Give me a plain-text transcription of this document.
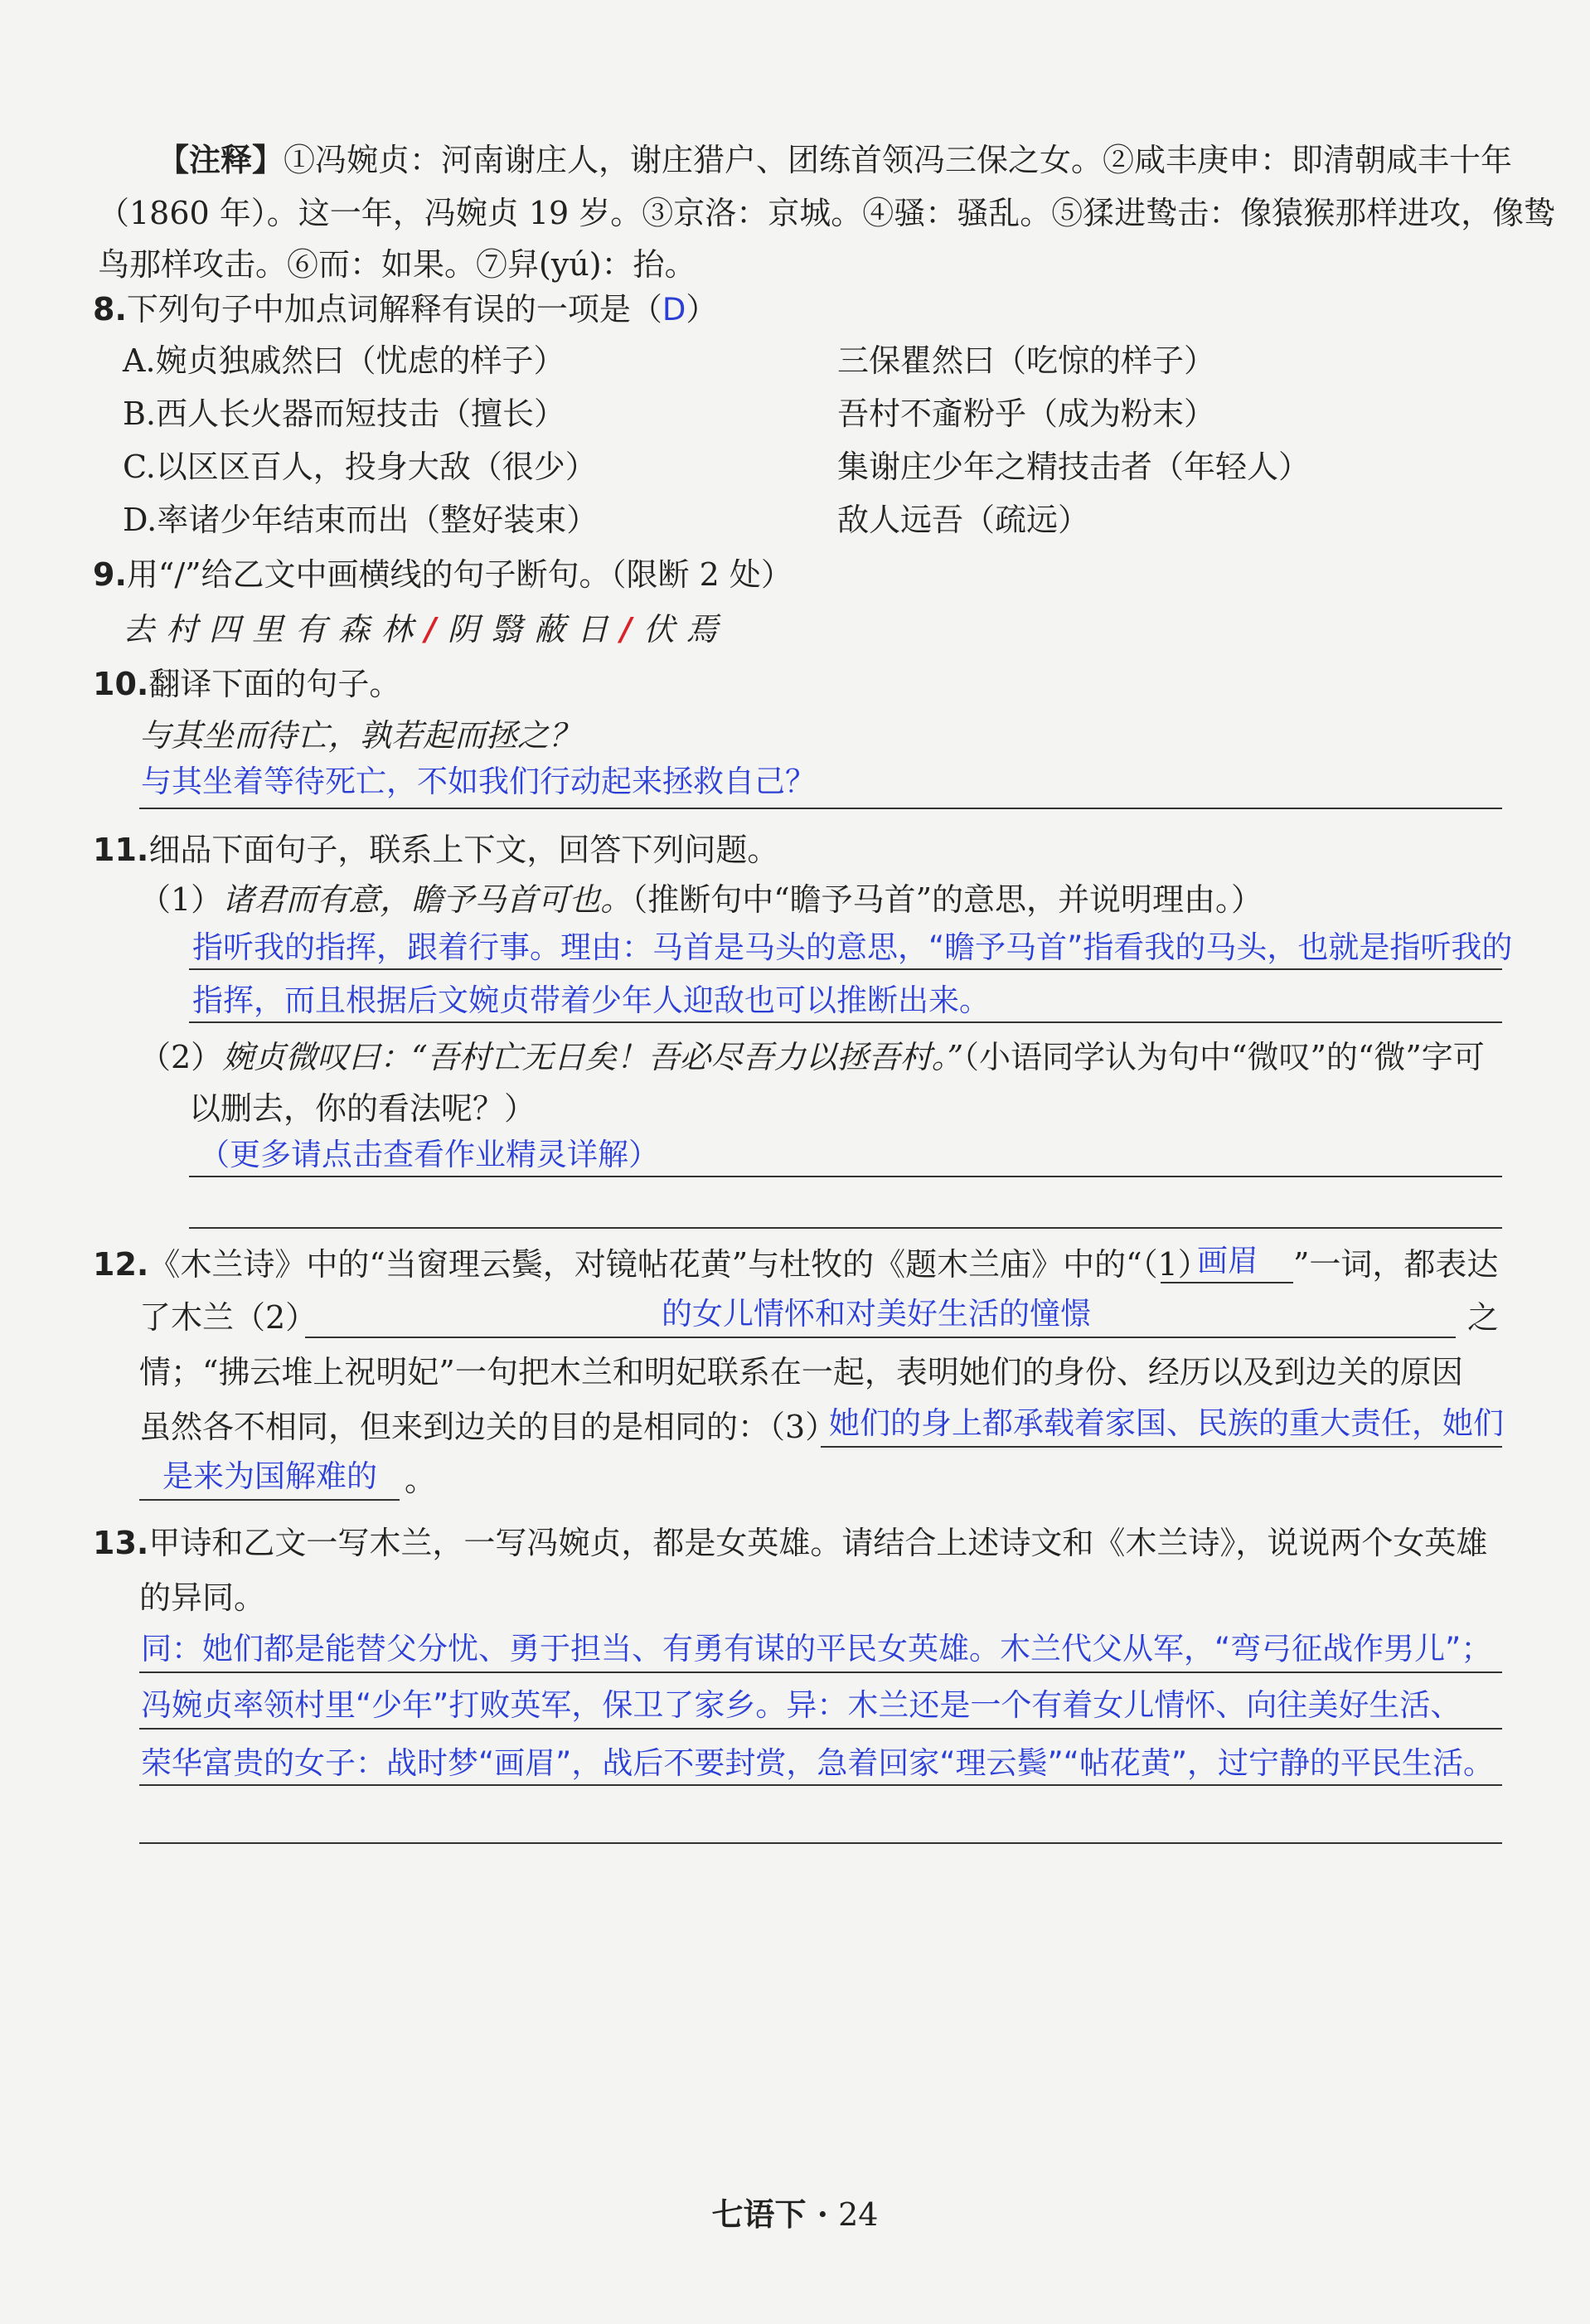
【注释】①冯婉贞：河南谢庄人，谢庄猎户、团练首领冯三保之女。②咸丰庚申：即清朝咸丰十年
（1860 年）。这一年，冯婉贞 19 岁。③京洛：京城。④骚：骚乱。⑤猱进鸷击：像猿猴那样进攻，像鸷
鸟那样攻击。⑥而：如果。⑦舁(yú)：抬。
8.下列句子中加点词解释有误的一项是（D）
A.婉贞独戚然曰（忧虑的样子）	三保瞿然曰（吃惊的样子）
B.西人长火器而短技击（擅长）	吾村不齑粉乎（成为粉末）
C.以区区百人，投身大敌（很少）	集谢庄少年之精技击者（年轻人）
D.率诸少年结束而出（整好装束）	敌人远吾（疏远）
9.用“/”给乙文中画横线的句子断句。（限断 2 处）
去村四里有森林/阴翳蔽日/伏焉
10.翻译下面的句子。
与其坐而待亡，孰若起而拯之？
与其坐着等待死亡，不如我们行动起来拯救自己？
11.细品下面句子，联系上下文，回答下列问题。
（1）诸君而有意，瞻予马首可也。（推断句中“瞻予马首”的意思，并说明理由。）
指听我的指挥，跟着行事。理由：马首是马头的意思，“瞻予马首”指看我的马头，也就是指听我的
指挥，而且根据后文婉贞带着少年人迎敌也可以推断出来。
（2）婉贞微叹曰：“吾村亡无日矣！吾必尽吾力以拯吾村。”（小语同学认为句中“微叹”的“微”字可
以删去，你的看法呢？）
（更多请点击查看作业精灵详解）
12.《木兰诗》中的“当窗理云鬓，对镜帖花黄”与杜牧的《题木兰庙》中的“（1）
画眉 ”一词，都表达
了木兰（2）	的女儿情怀和对美好生活的憧憬	之
情；“拂云堆上祝明妃”一句把木兰和明妃联系在一起，表明她们的身份、经历以及到边关的原因
虽然各不相同，但来到边关的目的是相同的：（3）
她们的身上都承载着家国、民族的重大责任，她们
是来为国解难的 。
13.甲诗和乙文一写木兰，一写冯婉贞，都是女英雄。请结合上述诗文和《木兰诗》，说说两个女英雄
的异同。
同：她们都是能替父分忧、勇于担当、有勇有谋的平民女英雄。木兰代父从军，“弯弓征战作男儿”；
冯婉贞率领村里“少年”打败英军，保卫了家乡。异：木兰还是一个有着女儿情怀、向往美好生活、
荣华富贵的女子：战时梦“画眉”，战后不要封赏，急着回家“理云鬓”“帖花黄”，过宁静的平民生活。
七语下 · 24
